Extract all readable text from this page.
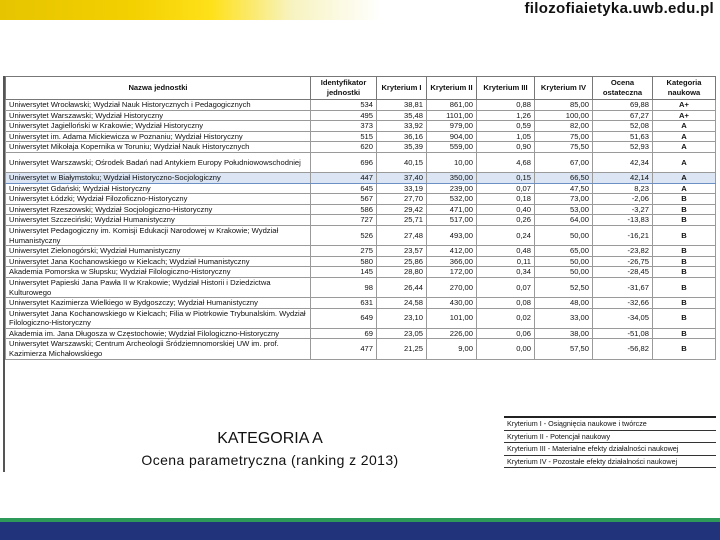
filozofiaietyka.uwb.edu.pl
Nazwa jednostki	Identyfikator jednostki	Kryterium I	Kryterium II	Kryterium III	Kryterium IV	Ocena ostateczna	Kategoria naukowa
Uniwersytet Wrocławski; Wydział Nauk Historycznych i Pedagogicznych	534	38,81	861,00	0,88	85,00	69,88	A+
Uniwersytet Warszawski; Wydział Historyczny	495	35,48	1101,00	1,26	100,00	67,27	A+
Uniwersytet Jagielloński w Krakowie; Wydział Historyczny	373	33,92	979,00	0,59	82,00	52,08	A
Uniwersytet im. Adama Mickiewicza w Poznaniu; Wydział Historyczny	515	36,16	904,00	1,05	75,00	51,63	A
Uniwersytet Mikołaja Kopernika w Toruniu; Wydział Nauk Historycznych	620	35,39	559,00	0,90	75,50	52,93	A
Uniwersytet Warszawski; Ośrodek Badań nad Antykiem Europy Południowowschodniej	696	40,15	10,00	4,68	67,00	42,34	A
Uniwersytet w Białymstoku; Wydział Historyczno-Socjologiczny	447	37,40	350,00	0,15	66,50	42,14	A
Uniwersytet Gdański; Wydział Historyczny	645	33,19	239,00	0,07	47,50	8,23	A
Uniwersytet Łódzki; Wydział Filozoficzno-Historyczny	567	27,70	532,00	0,18	73,00	-2,06	B
Uniwersytet Rzeszowski; Wydział Socjologiczno-Historyczny	586	29,42	471,00	0,40	53,00	-3,27	B
Uniwersytet Szczeciński; Wydział Humanistyczny	727	25,71	517,00	0,26	64,00	-13,83	B
Uniwersytet Pedagogiczny im. Komisji Edukacji Narodowej w Krakowie; Wydział Humanistyczny	526	27,48	493,00	0,24	50,00	-16,21	B
Uniwersytet Zielonogórski; Wydział Humanistyczny	275	23,57	412,00	0,48	65,00	-23,82	B
Uniwersytet Jana Kochanowskiego w Kielcach; Wydział Humanistyczny	580	25,86	366,00	0,11	50,00	-26,75	B
Akademia Pomorska w Słupsku; Wydział Filologiczno-Historyczny	145	28,80	172,00	0,34	50,00	-28,45	B
Uniwersytet Papieski Jana Pawła II w Krakowie; Wydział Historii i Dziedzictwa Kulturowego	98	26,44	270,00	0,07	52,50	-31,67	B
Uniwersytet Kazimierza Wielkiego w Bydgoszczy; Wydział Humanistyczny	631	24,58	430,00	0,08	48,00	-32,66	B
Uniwersytet Jana Kochanowskiego w Kielcach; Filia w Piotrkowie Trybunalskim. Wydział Filologiczno-Historyczny	649	23,10	101,00	0,02	33,00	-34,05	B
Akademia im. Jana Długosza w Częstochowie; Wydział Filologiczno-Historyczny	69	23,05	226,00	0,06	38,00	-51,08	B
Uniwersytet Warszawski; Centrum Archeologii Śródziemnomorskiej UW im. prof. Kazimierza Michałowskiego	477	21,25	9,00	0,00	57,50	-56,82	B
KATEGORIA A
Ocena parametryczna (ranking z 2013)
Kryterium I - Osiągnięcia naukowe i twórcze
Kryterium II - Potencjał naukowy
Kryterium III - Materialne efekty działalności naukowej
Kryterium IV - Pozostałe efekty działalności naukowej
